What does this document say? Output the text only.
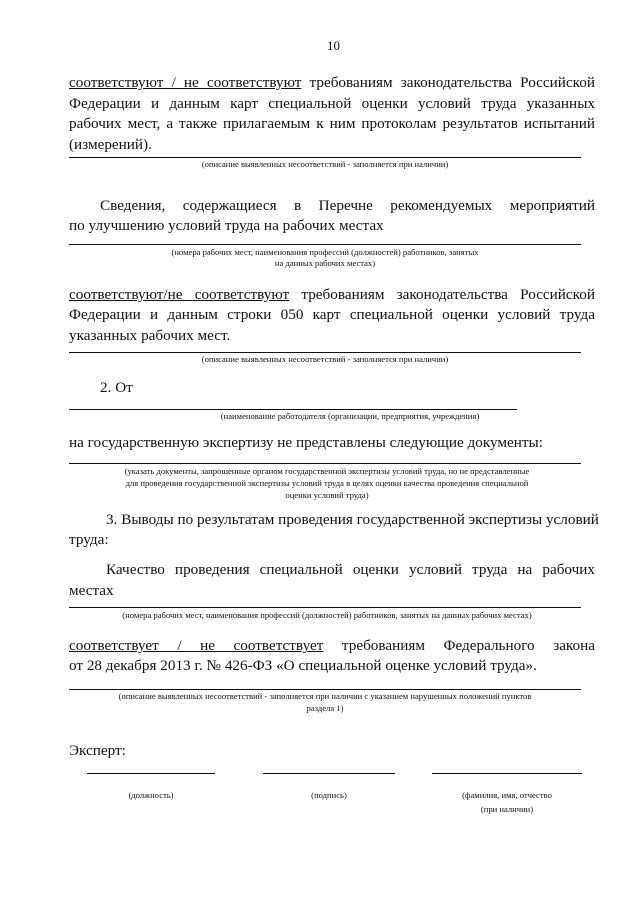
10
соответствуют / не соответствуют требованиям законодательства Российской
Федерации и данным карт специальной оценки условий труда указанных
рабочих мест, а также прилагаемым к ним протоколам результатов испытаний
(измерений).
(описание выявленных несоответствий - заполняется при наличии)
Сведения, содержащиеся в Перечне рекомендуемых мероприятий
по улучшению условий труда на рабочих местах
(номера рабочих мест, наименования профессий (должностей) работников, занятых
на данных рабочих местах)
соответствуют/не соответствуют требованиям законодательства Российской
Федерации и данным строки 050 карт специальной оценки условий труда
указанных рабочих мест.
(описание выявленных несоответствий - заполняется при наличии)
2. От
(наименование работодателя (организации, предприятия, учреждения)
на государственную экспертизу не представлены следующие документы:
(указать документы, запрошенные органом государственной экспертизы условий труда, но не представленные
для проведения государственной экспертизы условий труда в целях оценки качества проведения специальной
оценки условий труда)
3. Выводы по результатам проведения государственной экспертизы условий
труда:
Качество проведения специальной оценки условий труда на рабочих
местах
(номера рабочих мест, наименования профессий (должностей) работников, занятых на данных рабочих местах)
соответствует / не соответствует требованиям Федерального закона
от 28 декабря 2013 г. № 426-ФЗ «О специальной оценке условий труда».
(описание выявленных несоответствий - заполняется при наличии с указанием нарушенных положений пунктов
раздела 1)
Эксперт:
(должность)	(подпись)	(фамилия, имя, отчество
(при наличии)
